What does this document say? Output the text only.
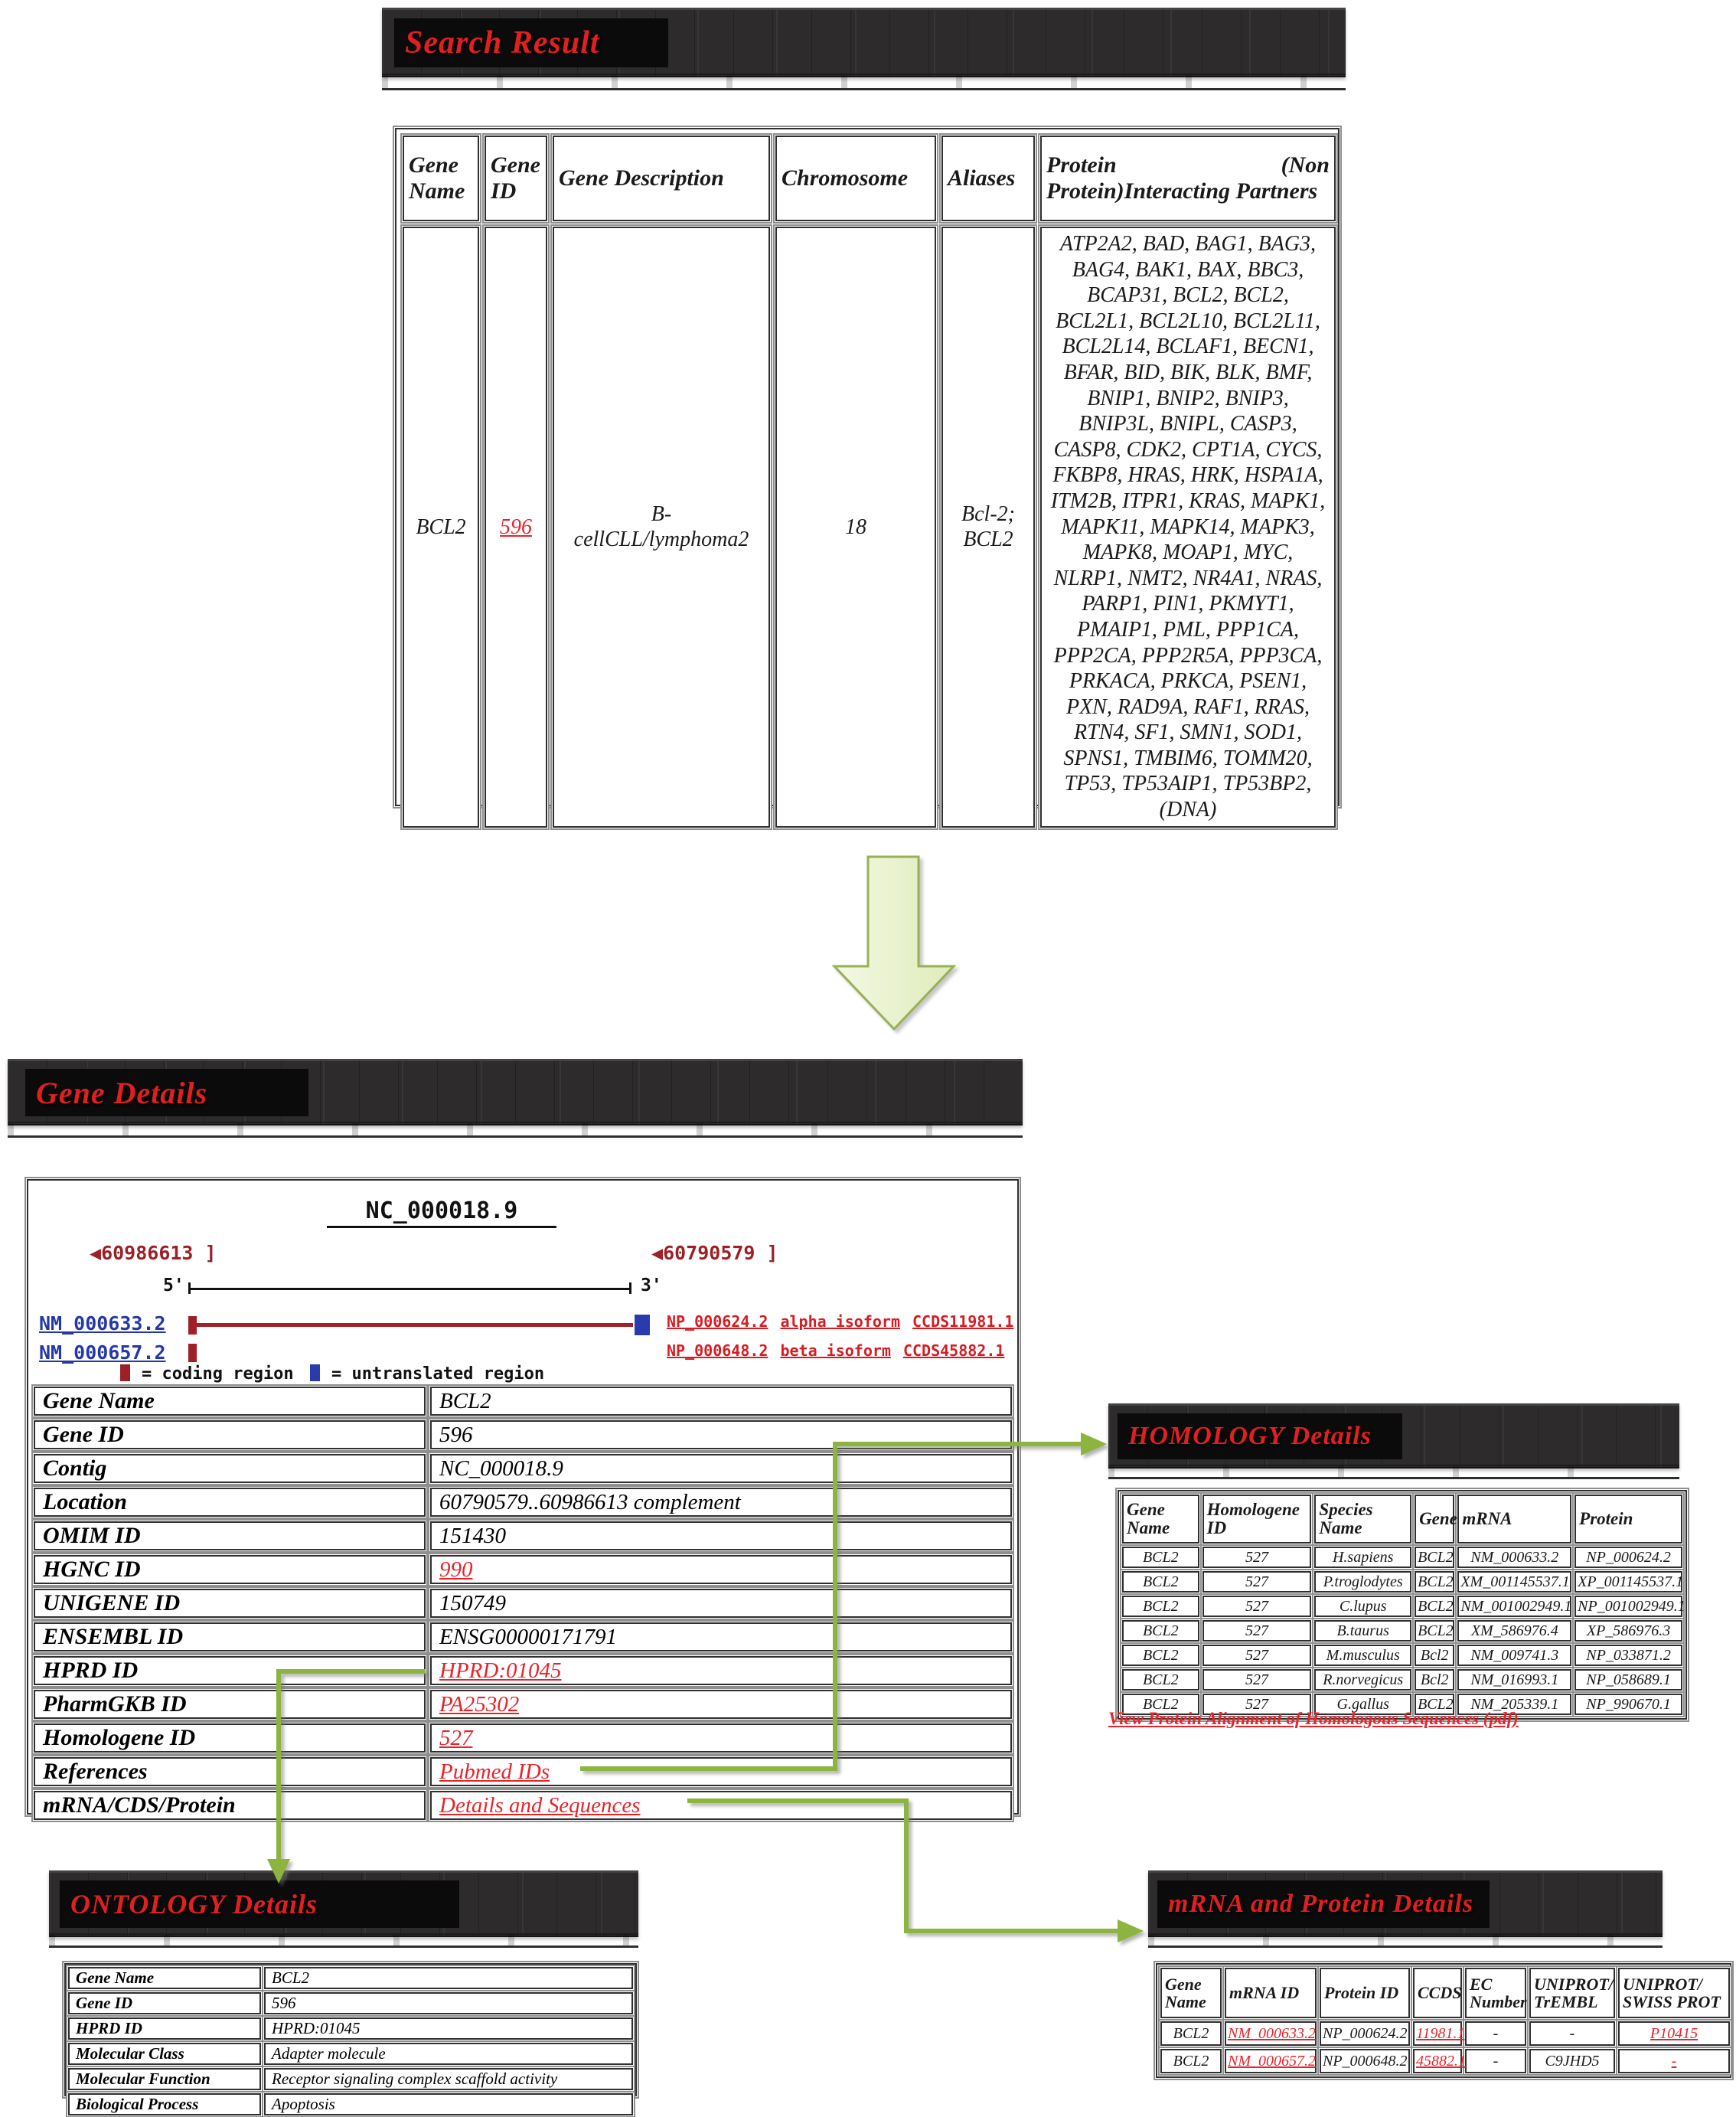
Search Result
Gene Name	Gene ID	Gene Description	Chromosome	Aliases	Protein (Non Protein)Interacting Partners
BCL2	596	B-cellCLL/lymphoma2	18	Bcl-2; BCL2	ATP2A2, BAD, BAG1, BAG3, BAG4, BAK1, BAX, BBC3, BCAP31, BCL2, BCL2, BCL2L1, BCL2L10, BCL2L11, BCL2L14, BCLAF1, BECN1, BFAR, BID, BIK, BLK, BMF, BNIP1, BNIP2, BNIP3, BNIP3L, BNIPL, CASP3, CASP8, CDK2, CPT1A, CYCS, FKBP8, HRAS, HRK, HSPA1A, ITM2B, ITPR1, KRAS, MAPK1, MAPK11, MAPK14, MAPK3, MAPK8, MOAP1, MYC, NLRP1, NMT2, NR4A1, NRAS, PARP1, PIN1, PKMYT1, PMAIP1, PML, PPP1CA, PPP2CA, PPP2R5A, PPP3CA, PRKACA, PRKCA, PSEN1, PXN, RAD9A, RAF1, RRAS, RTN4, SF1, SMN1, SOD1, SPNS1, TMBIM6, TOMM20, TP53, TP53AIP1, TP53BP2, (DNA)
Gene Details
NC_000018.9
◀60986613 ]	◀60790579 ]
5'	3'
NM_000633.2	NP_000624.2 alpha isoform CCDS11981.1
NM_000657.2	NP_000648.2 beta isoform CCDS45882.1
= coding region = untranslated region
Gene Name	BCL2
Gene ID	596
Contig	NC_000018.9
Location	60790579..60986613 complement
OMIM ID	151430
HGNC ID	990
UNIGENE ID	150749
ENSEMBL ID	ENSG00000171791
HPRD ID	HPRD:01045
PharmGKB ID	PA25302
Homologene ID	527
References	Pubmed IDs
mRNA/CDS/Protein	Details and Sequences
HOMOLOGY Details
Gene Name	Homologene ID	Species Name	Gene	mRNA	Protein
BCL2	527	H.sapiens	BCL2	NM_000633.2	NP_000624.2
BCL2	527	P.troglodytes	BCL2	XM_001145537.1	XP_001145537.1
BCL2	527	C.lupus	BCL2	NM_001002949.1	NP_001002949.1
BCL2	527	B.taurus	BCL2	XM_586976.4	XP_586976.3
BCL2	527	M.musculus	Bcl2	NM_009741.3	NP_033871.2
BCL2	527	R.norvegicus	Bcl2	NM_016993.1	NP_058689.1
BCL2	527	G.gallus	BCL2	NM_205339.1	NP_990670.1
View Protein Alignment of Homologous Sequences (pdf)
ONTOLOGY Details
Gene Name	BCL2
Gene ID	596
HPRD ID	HPRD:01045
Molecular Class	Adapter molecule
Molecular Function	Receptor signaling complex scaffold activity
Biological Process	Apoptosis
mRNA and Protein Details
Gene Name	mRNA ID	Protein ID	CCDS	EC Number	UNIPROT/ TrEMBL	UNIPROT/ SWISS PROT
BCL2	NM_000633.2	NP_000624.2	11981.1	-	-	P10415
BCL2	NM_000657.2	NP_000648.2	45882.1	-	C9JHD5	-
